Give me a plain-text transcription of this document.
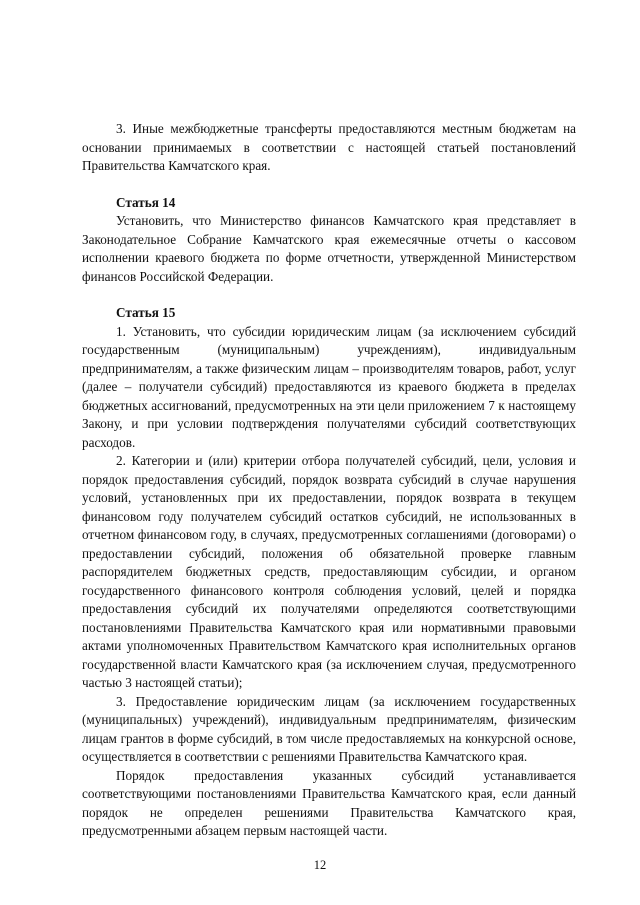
3. Иные межбюджетные трансферты предоставляются местным бюджетам на основании принимаемых в соответствии с настоящей статьей постановлений Правительства Камчатского края.

Статья 14

Установить, что Министерство финансов Камчатского края представляет в Законодательное Собрание Камчатского края ежемесячные отчеты о кассовом исполнении краевого бюджета по форме отчетности, утвержденной Министерством финансов Российской Федерации.

Статья 15

1. Установить, что субсидии юридическим лицам (за исключением субсидий государственным (муниципальным) учреждениям), индивидуальным предпринимателям, а также физическим лицам – производителям товаров, работ, услуг (далее – получатели субсидий) предоставляются из краевого бюджета в пределах бюджетных ассигнований, предусмотренных на эти цели приложением 7 к настоящему Закону, и при условии подтверждения получателями субсидий соответствующих расходов.

2. Категории и (или) критерии отбора получателей субсидий, цели, условия и порядок предоставления субсидий, порядок возврата субсидий в случае нарушения условий, установленных при их предоставлении, порядок возврата в текущем финансовом году получателем субсидий остатков субсидий, не использованных в отчетном финансовом году, в случаях, предусмотренных соглашениями (договорами) о предоставлении субсидий, положения об обязательной проверке главным распорядителем бюджетных средств, предоставляющим субсидии, и органом государственного финансового контроля соблюдения условий, целей и порядка предоставления субсидий их получателями определяются соответствующими постановлениями Правительства Камчатского края или нормативными правовыми актами уполномоченных Правительством Камчатского края исполнительных органов государственной власти Камчатского края (за исключением случая, предусмотренного частью 3 настоящей статьи);

3. Предоставление юридическим лицам (за исключением государственных (муниципальных) учреждений), индивидуальным предпринимателям, физическим лицам грантов в форме субсидий, в том числе предоставляемых на конкурсной основе, осуществляется в соответствии с решениями Правительства Камчатского края.

Порядок предоставления указанных субсидий устанавливается соответствующими постановлениями Правительства Камчатского края, если данный порядок не определен решениями Правительства Камчатского края, предусмотренными абзацем первым настоящей части.

12
